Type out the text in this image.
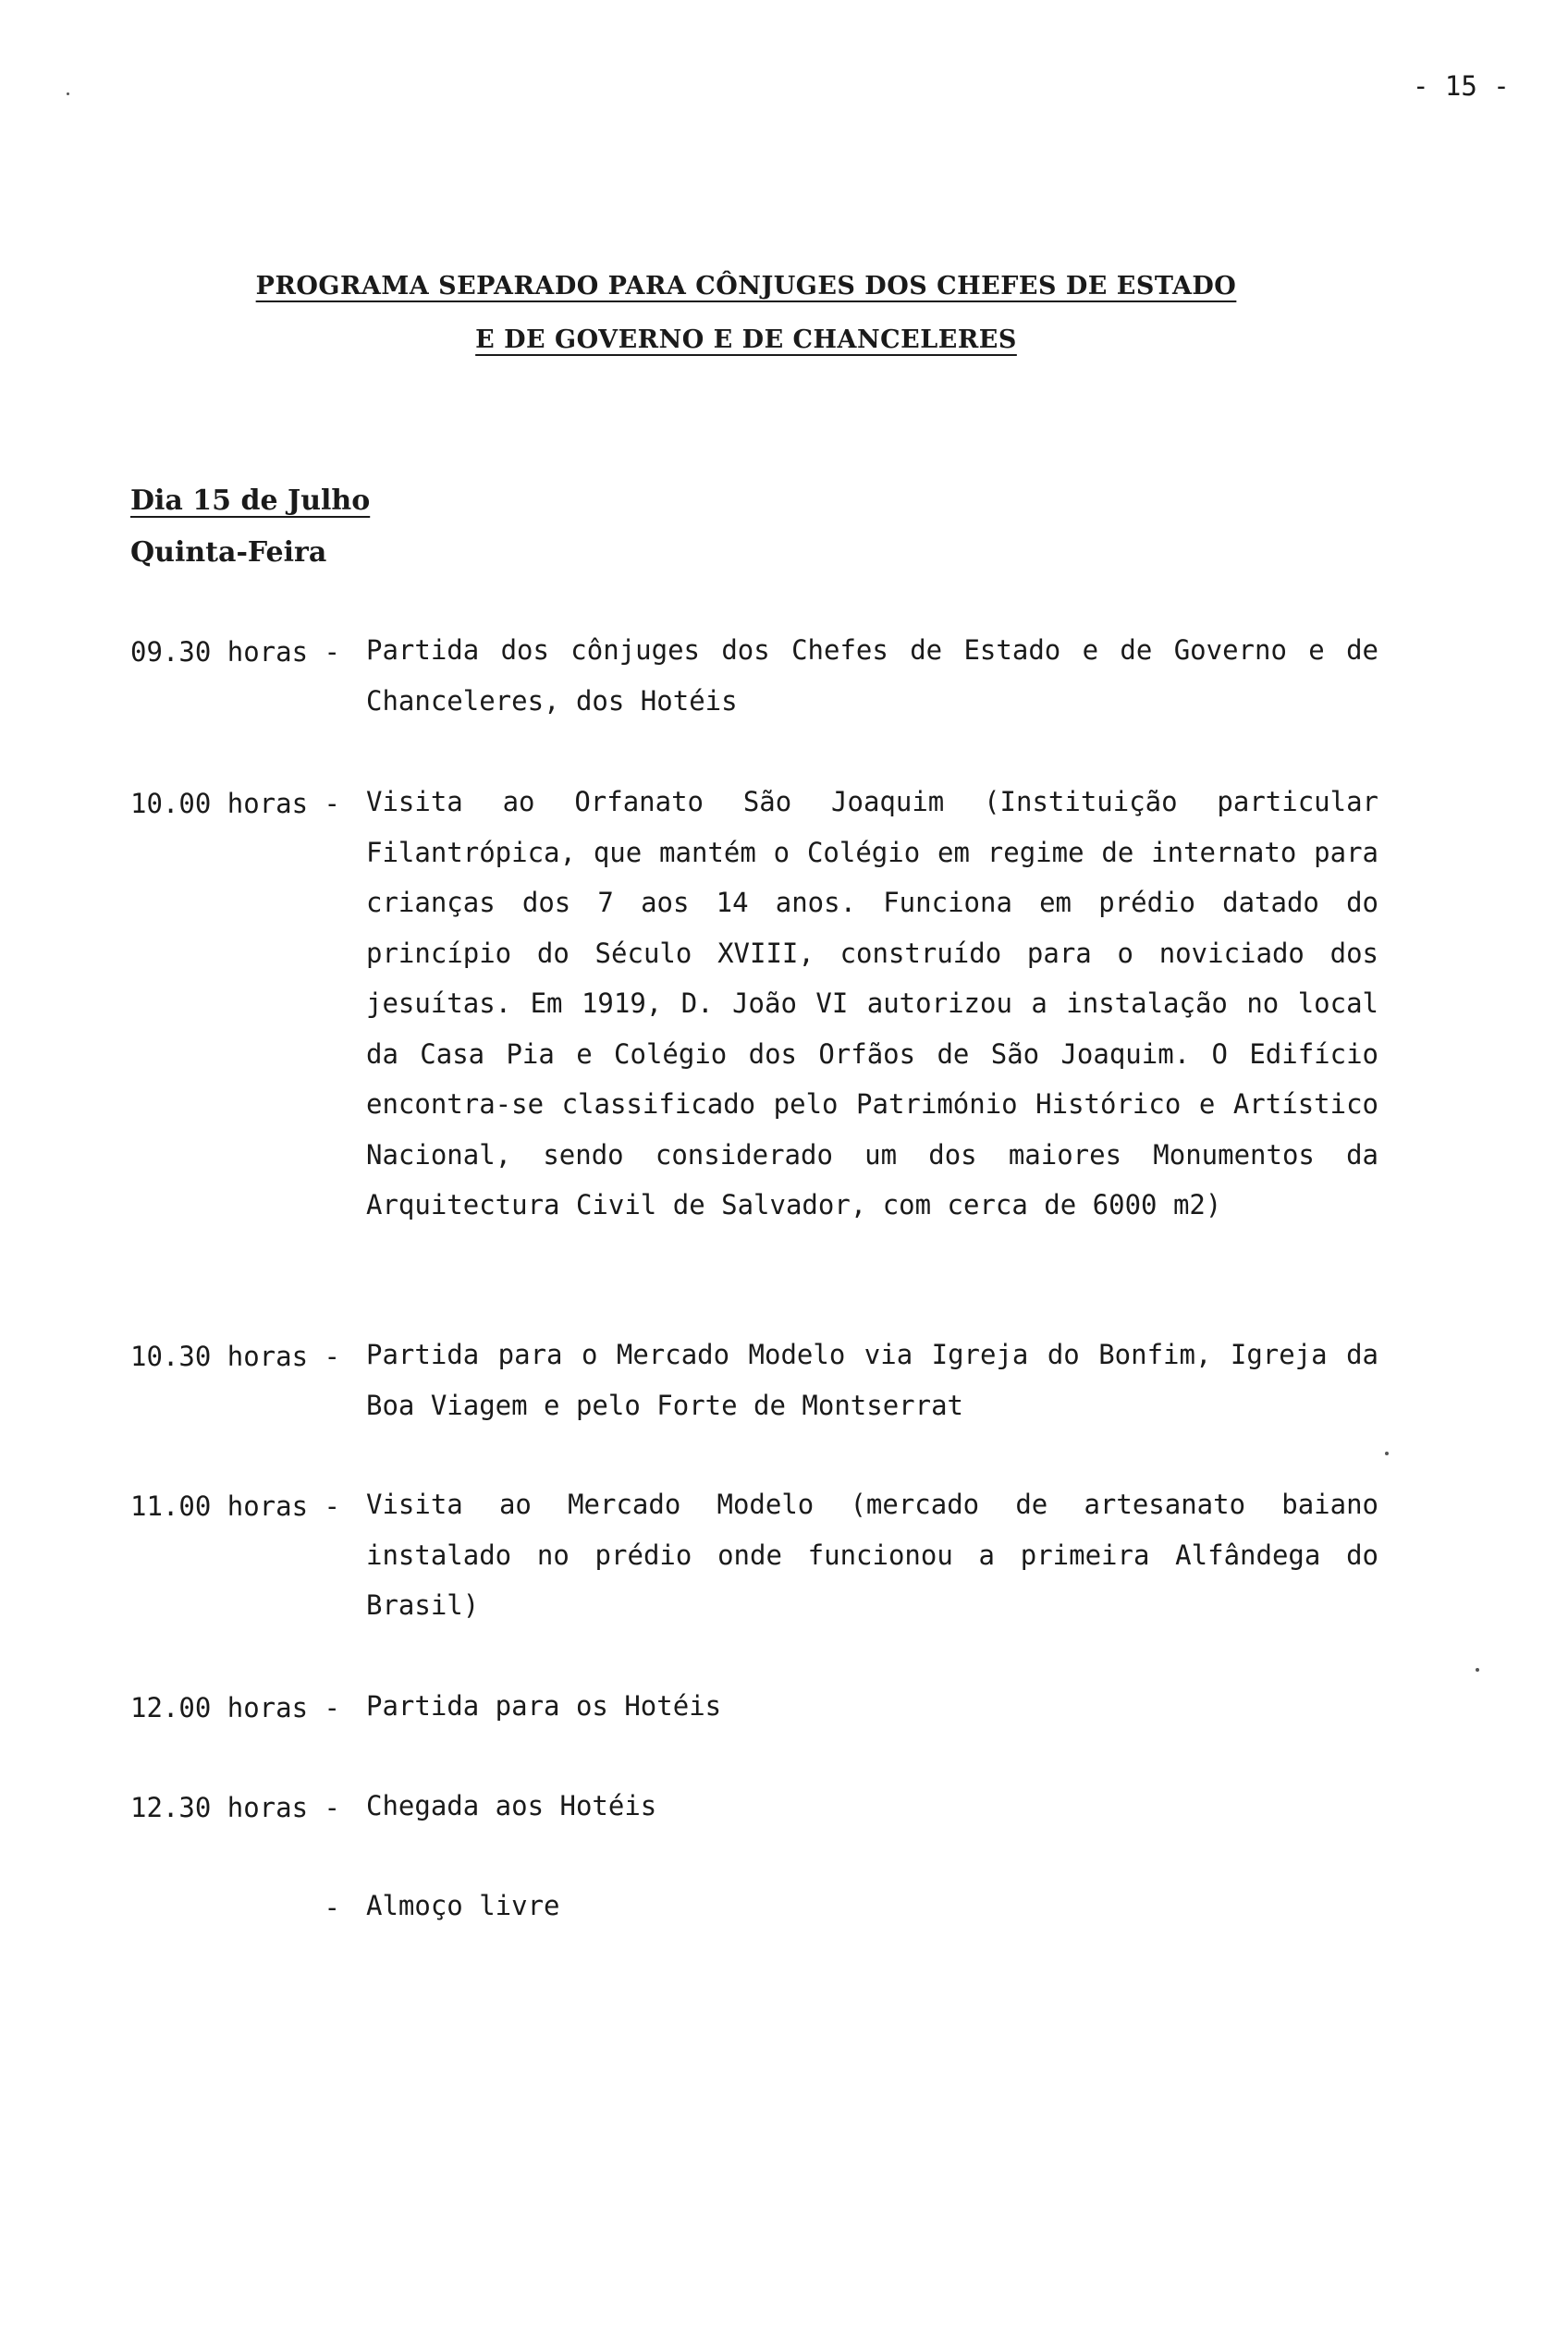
- 15 -
PROGRAMA SEPARADO PARA CÔNJUGES DOS CHEFES DE ESTADO
E DE GOVERNO E DE CHANCELERES
Dia 15 de Julho
Quinta-Feira
09.30 horas - Partida dos cônjuges dos Chefes de Estado e de Governo e de Chanceleres, dos Hotéis
10.00 horas - Visita ao Orfanato São Joaquim (Instituição particular Filantrópica, que mantém o Colégio em regime de internato para crianças dos 7 aos 14 anos. Funciona em prédio datado do princípio do Século XVIII, construído para o noviciado dos jesuítas. Em 1919, D. João VI autorizou a instalação no local da Casa Pia e Colégio dos Orfãos de São Joaquim. O Edifício encontra-se classificado pelo Património Histórico e Artístico Nacional, sendo considerado um dos maiores Monumentos da Arquitectura Civil de Salvador, com cerca de 6000 m2)
10.30 horas - Partida para o Mercado Modelo via Igreja do Bonfim, Igreja da Boa Viagem e pelo Forte de Montserrat
11.00 horas - Visita ao Mercado Modelo (mercado de artesanato baiano instalado no prédio onde funcionou a primeira Alfândega do Brasil)
12.00 horas - Partida para os Hotéis
12.30 horas - Chegada aos Hotéis
- Almoço livre
